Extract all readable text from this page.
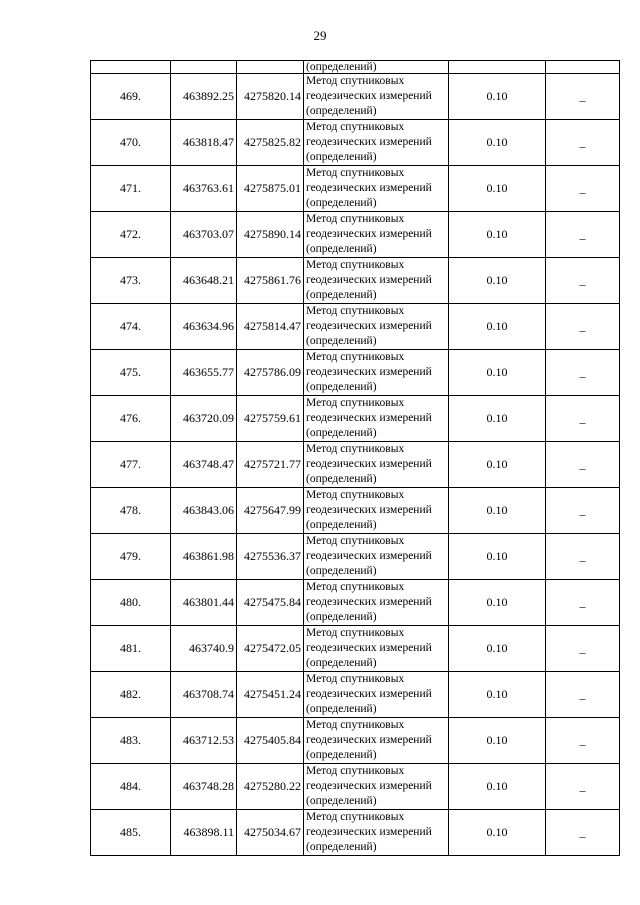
29
			(определений)		
469.	463892.25	4275820.14	Метод спутниковых
геодезических измерений
(определений)	0.10	_
470.	463818.47	4275825.82	Метод спутниковых
геодезических измерений
(определений)	0.10	_
471.	463763.61	4275875.01	Метод спутниковых
геодезических измерений
(определений)	0.10	_
472.	463703.07	4275890.14	Метод спутниковых
геодезических измерений
(определений)	0.10	_
473.	463648.21	4275861.76	Метод спутниковых
геодезических измерений
(определений)	0.10	_
474.	463634.96	4275814.47	Метод спутниковых
геодезических измерений
(определений)	0.10	_
475.	463655.77	4275786.09	Метод спутниковых
геодезических измерений
(определений)	0.10	_
476.	463720.09	4275759.61	Метод спутниковых
геодезических измерений
(определений)	0.10	_
477.	463748.47	4275721.77	Метод спутниковых
геодезических измерений
(определений)	0.10	_
478.	463843.06	4275647.99	Метод спутниковых
геодезических измерений
(определений)	0.10	_
479.	463861.98	4275536.37	Метод спутниковых
геодезических измерений
(определений)	0.10	_
480.	463801.44	4275475.84	Метод спутниковых
геодезических измерений
(определений)	0.10	_
481.	463740.9	4275472.05	Метод спутниковых
геодезических измерений
(определений)	0.10	_
482.	463708.74	4275451.24	Метод спутниковых
геодезических измерений
(определений)	0.10	_
483.	463712.53	4275405.84	Метод спутниковых
геодезических измерений
(определений)	0.10	_
484.	463748.28	4275280.22	Метод спутниковых
геодезических измерений
(определений)	0.10	_
485.	463898.11	4275034.67	Метод спутниковых
геодезических измерений
(определений)	0.10	_
